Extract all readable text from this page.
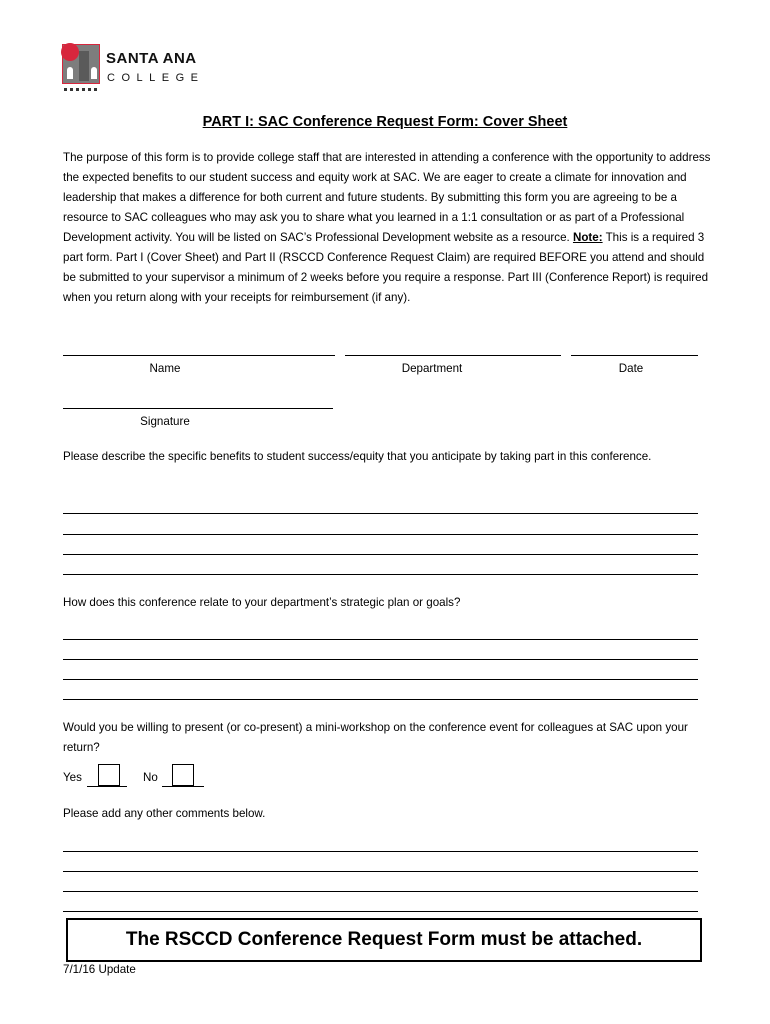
SANTA ANA
COLLEGE
PART I: SAC Conference Request Form: Cover Sheet
The purpose of this form is to provide college staff that are interested in attending a conference with the opportunity to address the expected benefits to our student success and equity work at SAC. We are eager to create a climate for innovation and leadership that makes a difference for both current and future students. By submitting this form you are agreeing to be a resource to SAC colleagues who may ask you to share what you learned in a 1:1 consultation or as part of a Professional Development activity. You will be listed on SAC’s Professional Development website as a resource. Note: This is a required 3 part form. Part I (Cover Sheet) and Part II (RSCCD Conference Request Claim) are required BEFORE you attend and should be submitted to your supervisor a minimum of 2 weeks before you require a response. Part III (Conference Report) is required when you return along with your receipts for reimbursement (if any).
Name	Department	Date
Signature
Please describe the specific benefits to student success/equity that you anticipate by taking part in this conference.
How does this conference relate to your department’s strategic plan or goals?
Would you be willing to present (or co-present) a mini-workshop on the conference event for colleagues at SAC upon your return?
Yes	No
Please add any other comments below.
The RSCCD Conference Request Form must be attached.
7/1/16 Update
